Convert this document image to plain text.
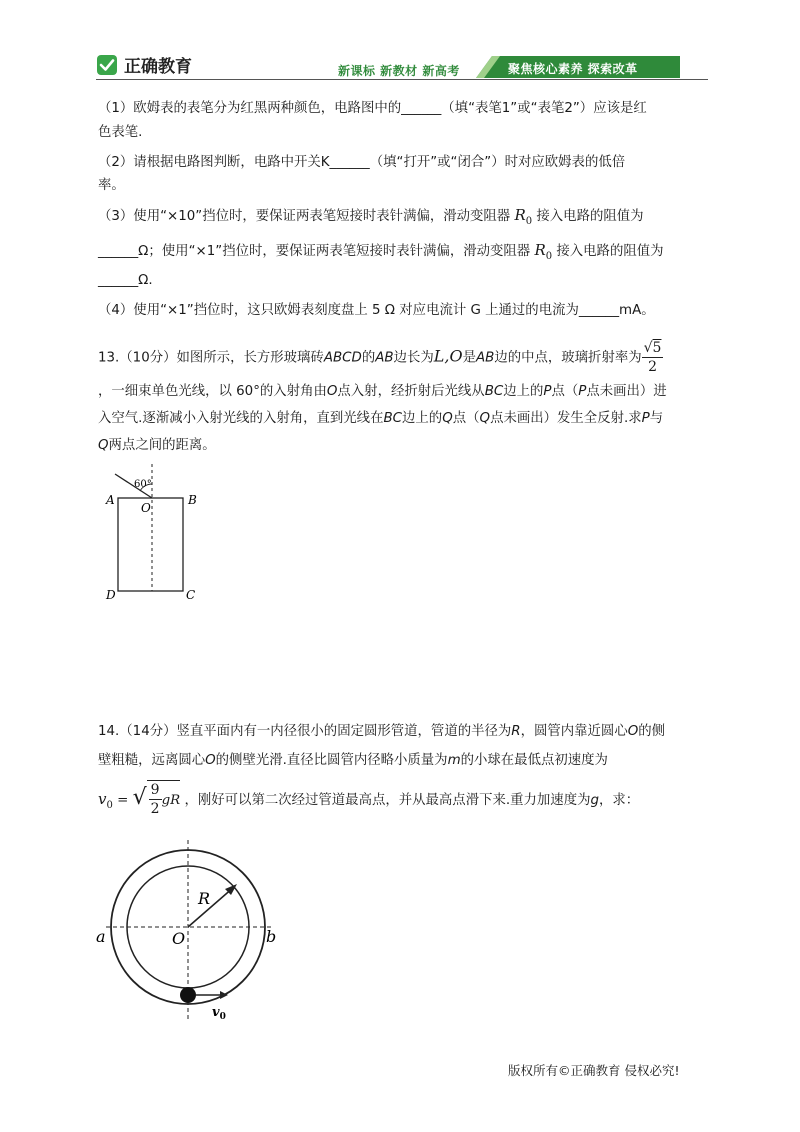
正确教育	新课标 新教材 新高考	聚焦核心素养 探索改革
（1）欧姆表的表笔分为红黑两种颜色，电路图中的______（填“表笔1”或“表笔2”）应该是红
色表笔.
（2）请根据电路图判断，电路中开关K______（填“打开”或“闭合”）时对应欧姆表的低倍
率。
（3）使用“×10”挡位时，要保证两表笔短接时表针满偏，滑动变阻器 $R_0$ 接入电路的阻值为
______Ω；使用“×1”挡位时，要保证两表笔短接时表针满偏，滑动变阻器 $R_0$ 接入电路的阻值为
______Ω.
（4）使用“×1”挡位时，这只欧姆表刻度盘上 5 Ω 对应电流计 G 上通过的电流为______mA。
13.（10分）如图所示，长方形玻璃砖ABCD的AB边长为L,O是AB边的中点，玻璃折射率为 $\frac{√5}{2}$
，一细束单色光线，以 60°的入射角由O点入射，经折射后光线从BC边上的P点（P点未画出）进
入空气.逐渐减小入射光线的入射角，直到光线在BC边上的Q点（Q点未画出）发生全反射.求P与
Q两点之间的距离。
60°
A	B
O
D	C
14.（14分）竖直平面内有一内径很小的固定圆形管道，管道的半径为R，圆管内靠近圆心O的侧
壁粗糙，远离圆心O的侧壁光滑.直径比圆管内径略小质量为m的小球在最低点初速度为
$v_0$ = √ $\frac{9}{2}$ gR ，刚好可以第二次经过管道最高点，并从最高点滑下来.重力加速度为g，求：
R
O
a	b
$v_0$
版权所有©正确教育 侵权必究!
